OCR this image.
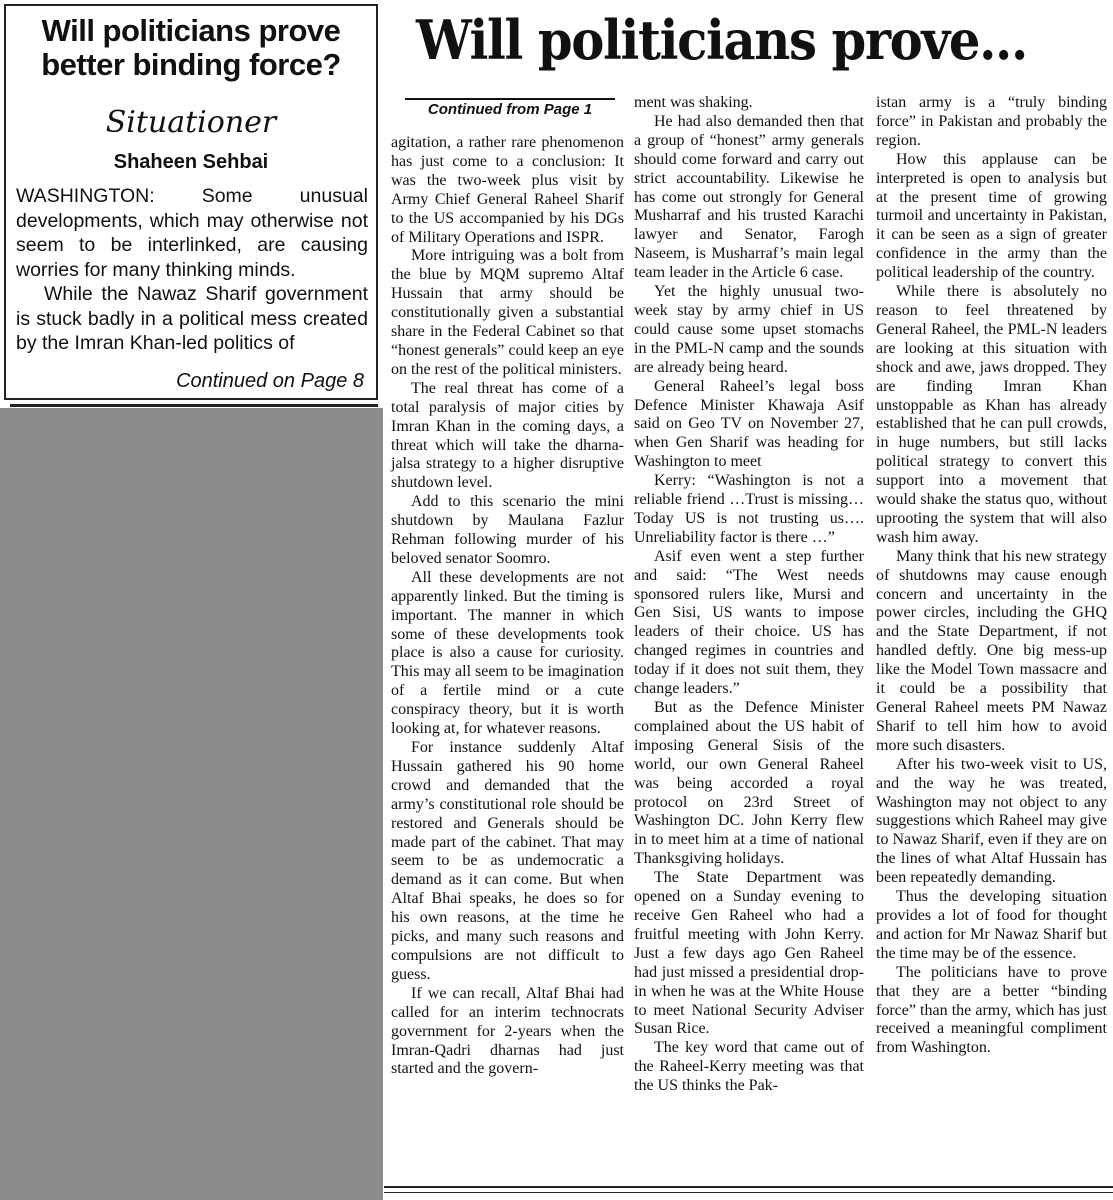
Will politicians prove better binding force?
Situationer
Shaheen Sehbai

WASHINGTON: Some unusual developments, which may otherwise not seem to be interlinked, are causing worries for many thinking minds.

While the Nawaz Sharif government is stuck badly in a political mess created by the Imran Khan-led politics of

Continued on Page 8
Will politicians prove...
Continued from Page 1

agitation, a rather rare phenomenon has just come to a conclusion: It was the two-week plus visit by Army Chief General Raheel Sharif to the US accompanied by his DGs of Military Operations and ISPR.

More intriguing was a bolt from the blue by MQM supremo Altaf Hussain that army should be constitutionally given a substantial share in the Federal Cabinet so that “honest generals” could keep an eye on the rest of the political ministers.

The real threat has come of a total paralysis of major cities by Imran Khan in the coming days, a threat which will take the dharna-jalsa strategy to a higher disruptive shutdown level.

Add to this scenario the mini shutdown by Maulana Fazlur Rehman following murder of his beloved senator Soomro.

All these developments are not apparently linked. But the timing is important. The manner in which some of these developments took place is also a cause for curiosity. This may all seem to be imagination of a fertile mind or a cute conspiracy theory, but it is worth looking at, for whatever reasons.

For instance suddenly Altaf Hussain gathered his 90 home crowd and demanded that the army’s constitutional role should be restored and Generals should be made part of the cabinet. That may seem to be as undemocratic a demand as it can come. But when Altaf Bhai speaks, he does so for his own reasons, at the time he picks, and many such reasons and compulsions are not difficult to guess.

If we can recall, Altaf Bhai had called for an interim technocrats government for 2-years when the Imran-Qadri dharnas had just started and the govern-

ment was shaking.

He had also demanded then that a group of “honest” army generals should come forward and carry out strict accountability. Likewise he has come out strongly for General Musharraf and his trusted Karachi lawyer and Senator, Farogh Naseem, is Musharraf’s main legal team leader in the Article 6 case.

Yet the highly unusual two-week stay by army chief in US could cause some upset stomachs in the PML-N camp and the sounds are already being heard.

General Raheel’s legal boss Defence Minister Khawaja Asif said on Geo TV on November 27, when Gen Sharif was heading for Washington to meet

Kerry: “Washington is not a reliable friend …Trust is missing…Today US is not trusting us…. Unreliability factor is there …”

Asif even went a step further and said: “The West needs sponsored rulers like, Mursi and Gen Sisi, US wants to impose leaders of their choice. US has changed regimes in countries and today if it does not suit them, they change leaders.”

But as the Defence Minister complained about the US habit of imposing General Sisis of the world, our own General Raheel was being accorded a royal protocol on 23rd Street of Washington DC. John Kerry flew in to meet him at a time of national Thanksgiving holidays.

The State Department was opened on a Sunday evening to receive Gen Raheel who had a fruitful meeting with John Kerry. Just a few days ago Gen Raheel had just missed a presidential drop-in when he was at the White House to meet National Security Adviser Susan Rice.

The key word that came out of the Raheel-Kerry meeting was that the US thinks the Pak-

istan army is a “truly binding force” in Pakistan and probably the region.

How this applause can be interpreted is open to analysis but at the present time of growing turmoil and uncertainty in Pakistan, it can be seen as a sign of greater confidence in the army than the political leadership of the country.

While there is absolutely no reason to feel threatened by General Raheel, the PML-N leaders are looking at this situation with shock and awe, jaws dropped. They are finding Imran Khan unstoppable as Khan has already established that he can pull crowds, in huge numbers, but still lacks political strategy to convert this support into a movement that would shake the status quo, without uprooting the system that will also wash him away.

Many think that his new strategy of shutdowns may cause enough concern and uncertainty in the power circles, including the GHQ and the State Department, if not handled deftly. One big mess-up like the Model Town massacre and it could be a possibility that General Raheel meets PM Nawaz Sharif to tell him how to avoid more such disasters.

After his two-week visit to US, and the way he was treated, Washington may not object to any suggestions which Raheel may give to Nawaz Sharif, even if they are on the lines of what Altaf Hussain has been repeatedly demanding.

Thus the developing situation provides a lot of food for thought and action for Mr Nawaz Sharif but the time may be of the essence.

The politicians have to prove that they are a better “binding force” than the army, which has just received a meaningful compliment from Washington.
